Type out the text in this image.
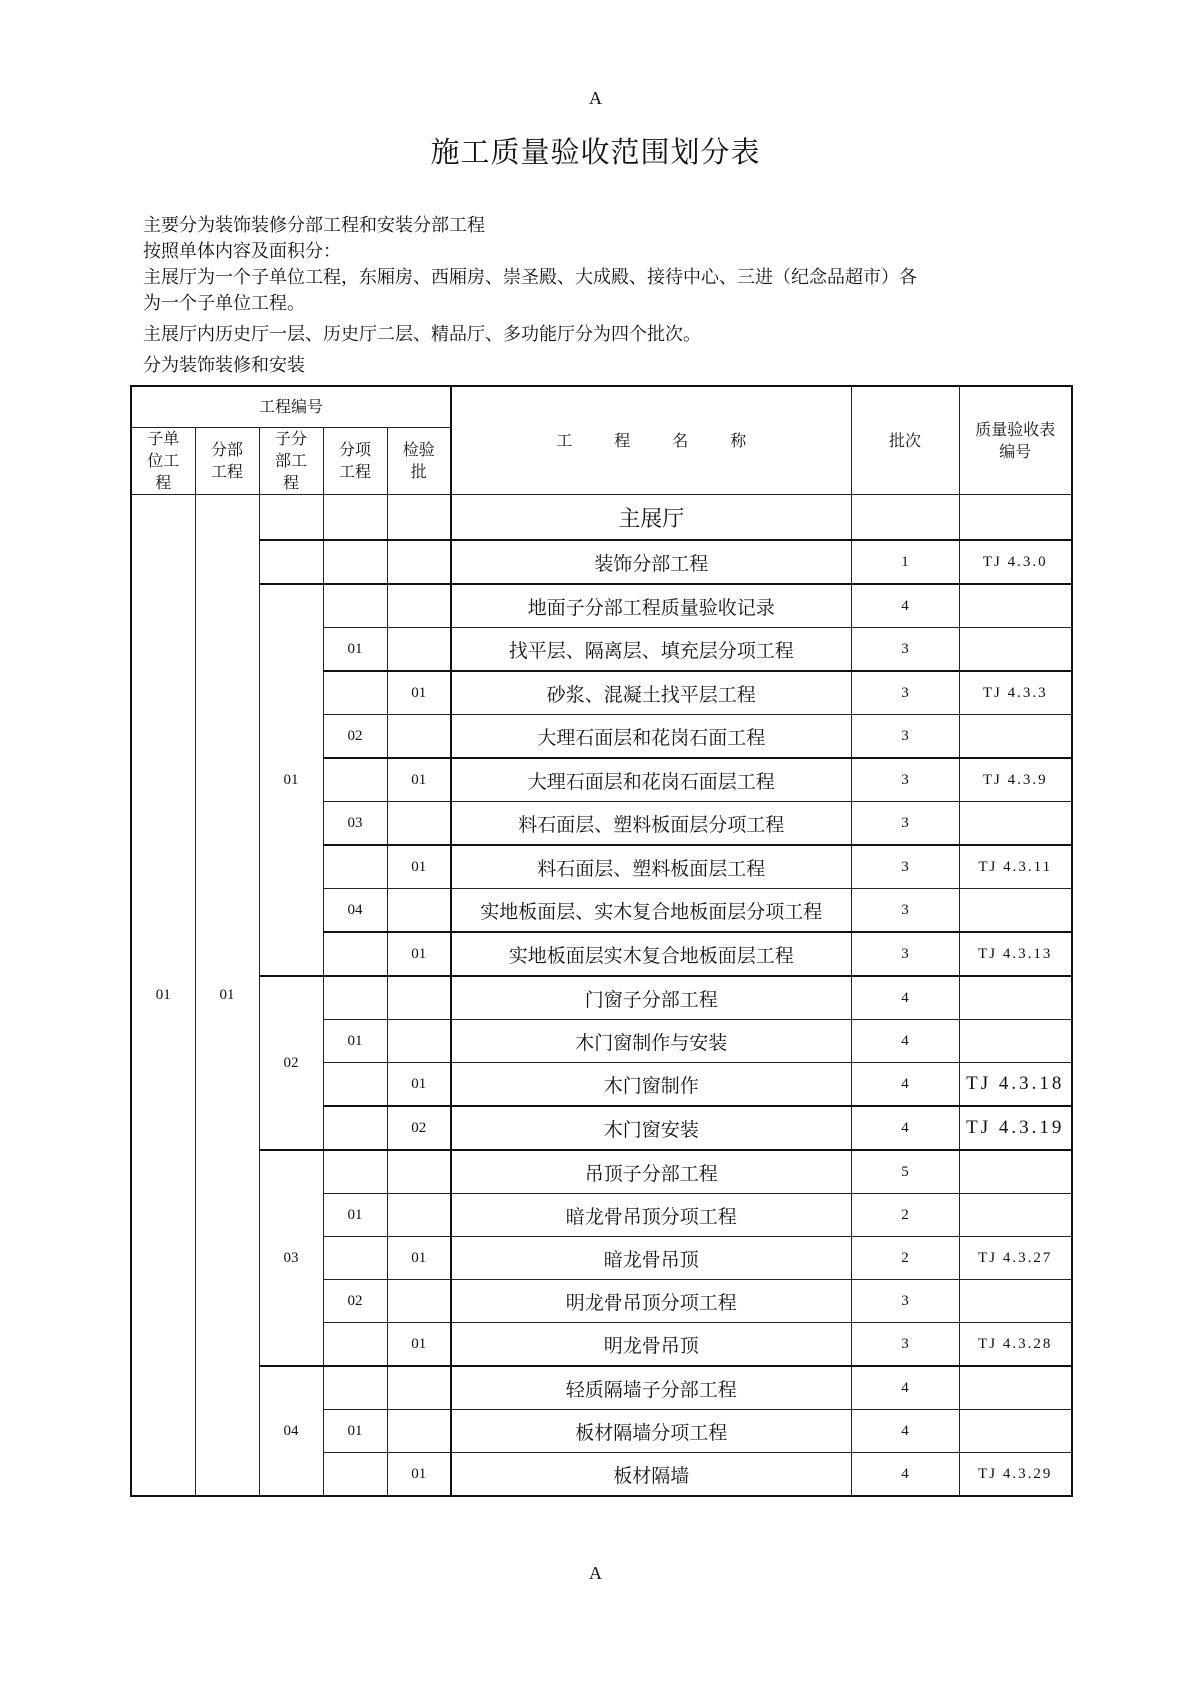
A
施工质量验收范围划分表

主要分为装饰装修分部工程和安装分部工程

按照单体内容及面积分：

主展厅为一个子单位工程，东厢房、西厢房、崇圣殿、大成殿、接待中心、三进（纪念品超市）各

为一个子单位工程。

主展厅内历史厅一层、历史厅二层、精品厅、多功能厅分为四个批次。

分为装饰装修和安装

工程编号					工程名称	批次	质量验收表编号
子单位工程	分部工程	子分部工程	分项工程	检验批			
01	01				主展厅		
					装饰分部工程	1	TJ 4.3.0
		01			地面子分部工程质量验收记录	4	
			01		找平层、隔离层、填充层分项工程	3	
				01	砂浆、混凝土找平层工程	3	TJ 4.3.3
			02		大理石面层和花岗石面工程	3	
				01	大理石面层和花岗石面层工程	3	TJ 4.3.9
			03		料石面层、塑料板面层分项工程	3	
				01	料石面层、塑料板面层工程	3	TJ 4.3.11
			04		实地板面层、实木复合地板面层分项工程	3	
				01	实地板面层实木复合地板面层工程	3	TJ 4.3.13
		02			门窗子分部工程	4	
			01		木门窗制作与安装	4	
				01	木门窗制作	4	TJ 4.3.18
				02	木门窗安装	4	TJ 4.3.19
		03			吊顶子分部工程	5	
			01		暗龙骨吊顶分项工程	2	
				01	暗龙骨吊顶	2	TJ 4.3.27
			02		明龙骨吊顶分项工程	3	
				01	明龙骨吊顶	3	TJ 4.3.28
		04			轻质隔墙子分部工程	4	
			01		板材隔墙分项工程	4	
				01	板材隔墙	4	TJ 4.3.29
A
